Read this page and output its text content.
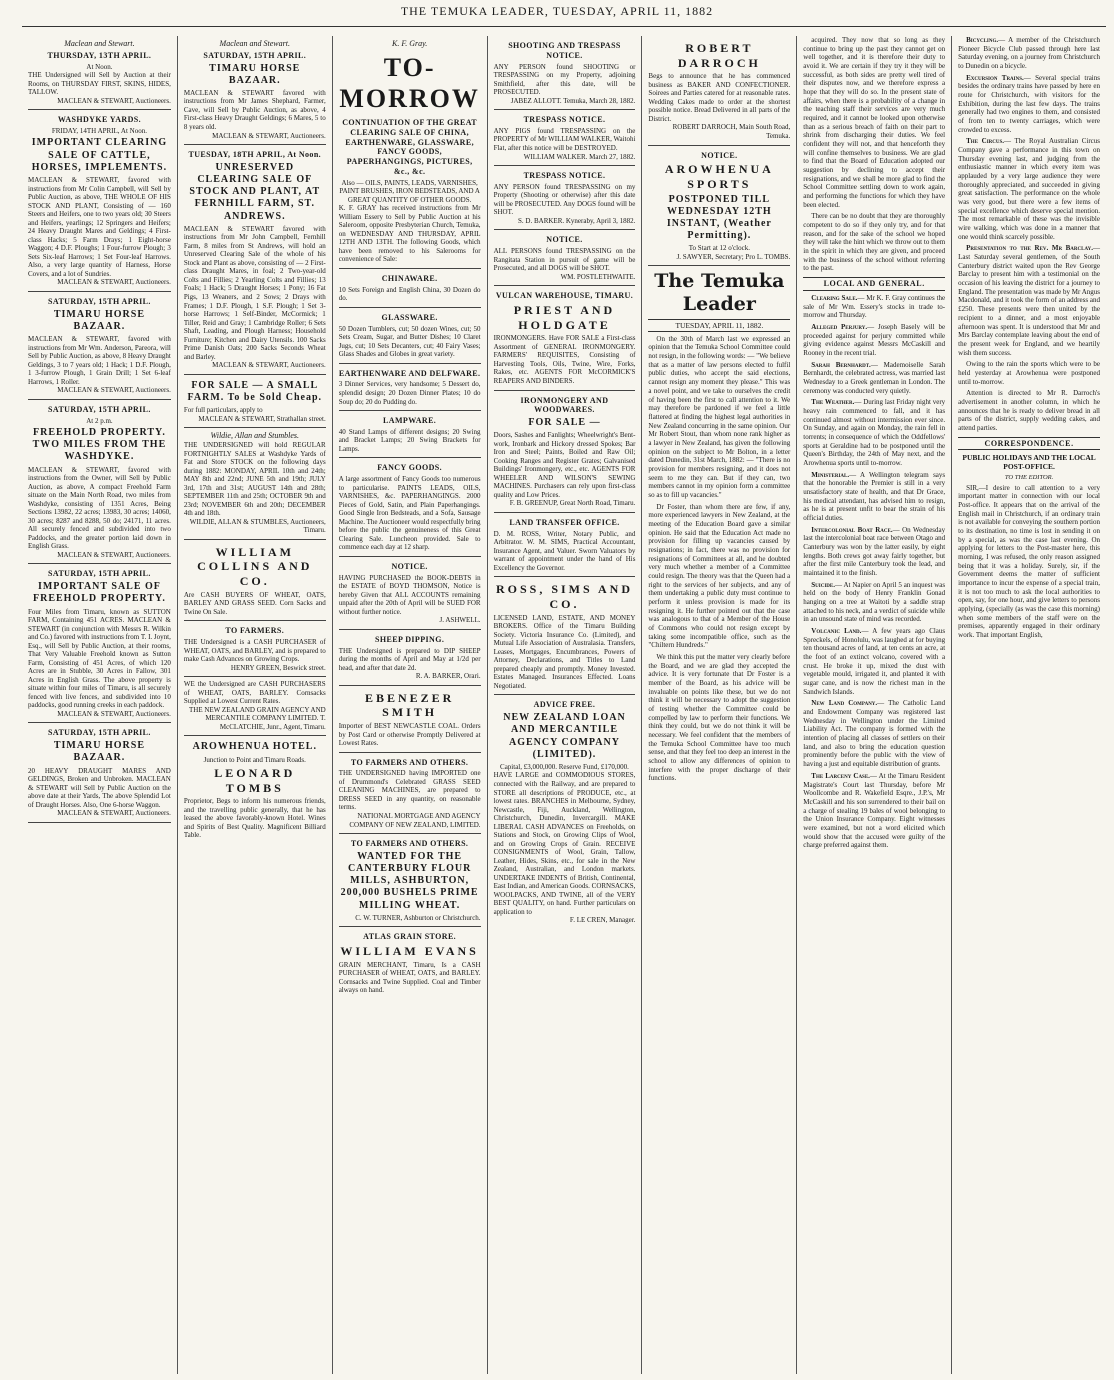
THE TEMUKA LEADER, TUESDAY, APRIL 11, 1882
Maclean and Stewart.
THURSDAY, 13TH APRIL.
At Noon.
THE Undersigned will Sell by Auction at their Rooms, on THURSDAY FIRST, SKINS, HIDES, TALLOW.
MACLEAN & STEWART, Auctioneers.
WASHDYKE YARDS.
FRIDAY, 14TH APRIL, At Noon.
IMPORTANT CLEARING SALE OF CATTLE, HORSES, IMPLEMENTS.
MACLEAN & STEWART, favored with instructions from Mr Colin Campbell, will Sell by Public Auction, as above, THE WHOLE OF HIS STOCK AND PLANT, Consisting of — 160 Steers and Heifers, one to two years old; 30 Steers and Heifers, yearlings; 12 Springers and Heifers; 24 Heavy Draught Mares and Geldings; 4 First-class Hacks; 5 Farm Drays; 1 Eight-horse Waggon; 4 D.F. Ploughs; 1 Four-furrow Plough; 3 Sets Six-leaf Harrows; 1 Set Four-leaf Harrows. Also, a very large quantity of Harness, Horse Covers, and a lot of Sundries.
MACLEAN & STEWART, Auctioneers.
SATURDAY, 15TH APRIL.
TIMARU HORSE BAZAAR.
MACLEAN & STEWART, favored with instructions from Mr Wm. Anderson, Pareora, will Sell by Public Auction, as above, 8 Heavy Draught Geldings, 3 to 7 years old; 1 Hack; 1 D.F. Plough, 1 3-furrow Plough, 1 Grain Drill; 1 Set 6-leaf Harrows, 1 Roller.
MACLEAN & STEWART, Auctioneers.
SATURDAY, 15TH APRIL.
At 2 p.m.
FREEHOLD PROPERTY. TWO MILES FROM THE WASHDYKE.
MACLEAN & STEWART, favored with instructions from the Owner, will Sell by Public Auction, as above, A compact Freehold Farm situate on the Main North Road, two miles from Washdyke, consisting of 1351 Acres, Being Sections 13982, 22 acres; 13983, 30 acres; 14060, 30 acres; 8287 and 8288, 50 do; 24171, 11 acres. All securely fenced and subdivided into two Paddocks, and the greater portion laid down in English Grass.
MACLEAN & STEWART, Auctioneers.
SATURDAY, 15TH APRIL.
IMPORTANT SALE OF FREEHOLD PROPERTY.
Four Miles from Timaru, known as SUTTON FARM, Containing 451 ACRES. MACLEAN & STEWART (in conjunction with Messrs R. Wilkin and Co.) favored with instructions from T. I. Joynt, Esq., will Sell by Public Auction, at their rooms, That Very Valuable Freehold known as Sutton Farm, Consisting of 451 Acres, of which 120 Acres are in Stubble, 30 Acres in Fallow, 301 Acres in English Grass. The above property is situate within four miles of Timaru, is all securely fenced with live fences, and subdivided into 10 paddocks, good running creeks in each paddock.
MACLEAN & STEWART, Auctioneers.
SATURDAY, 15TH APRIL.
TIMARU HORSE BAZAAR.
20 HEAVY DRAUGHT MARES AND GELDINGS, Broken and Unbroken. MACLEAN & STEWART will Sell by Public Auction on the above date at their Yards, The above Splendid Lot of Draught Horses. Also, One 6-horse Waggon.
MACLEAN & STEWART, Auctioneers.
Maclean and Stewart.
SATURDAY, 15TH APRIL.
TIMARU HORSE BAZAAR.
MACLEAN & STEWART favored with instructions from Mr James Shephard, Farmer, Cave, will Sell by Public Auction, as above, 4 First-class Heavy Draught Geldings; 6 Mares, 5 to 8 years old.
MACLEAN & STEWART, Auctioneers.
TUESDAY, 18TH APRIL, At Noon.
UNRESERVED CLEARING SALE OF STOCK AND PLANT, AT FERNHILL FARM, ST. ANDREWS.
MACLEAN & STEWART favored with instructions from Mr John Campbell, Fernhill Farm, 8 miles from St Andrews, will hold an Unreserved Clearing Sale of the whole of his Stock and Plant as above, consisting of — 2 First-class Draught Mares, in foal; 2 Two-year-old Colts and Fillies; 2 Yearling Colts and Fillies; 13 Foals; 1 Hack; 5 Draught Horses; 1 Pony; 16 Fat Pigs, 13 Weaners, and 2 Sows; 2 Drays with Frames; 1 D.F. Plough, 1 S.F. Plough; 1 Set 3-horse Harrows; 1 Self-Binder, McCormick; 1 Tiller, Reid and Gray; 1 Cambridge Roller; 6 Sets Shaft, Leading, and Plough Harness; Household Furniture; Kitchen and Dairy Utensils. 100 Sacks Prime Danish Oats; 200 Sacks Seconds Wheat and Barley.
MACLEAN & STEWART, Auctioneers.
FOR SALE — A SMALL FARM. To be Sold Cheap.
For full particulars, apply to
MACLEAN & STEWART, Strathallan street.
Wildie, Allan and Stumbles.
THE UNDERSIGNED will hold REGULAR FORTNIGHTLY SALES at Washdyke Yards of Fat and Store STOCK on the following days during 1882: MONDAY, APRIL 10th and 24th; MAY 8th and 22nd; JUNE 5th and 19th; JULY 3rd, 17th and 31st; AUGUST 14th and 28th; SEPTEMBER 11th and 25th; OCTOBER 9th and 23rd; NOVEMBER 6th and 20th; DECEMBER 4th and 18th.
WILDIE, ALLAN & STUMBLES, Auctioneers, Timaru.
WILLIAM COLLINS AND CO.
Are CASH BUYERS OF WHEAT, OATS, BARLEY AND GRASS SEED. Corn Sacks and Twine On Sale.
TO FARMERS.
THE Undersigned is a CASH PURCHASER of WHEAT, OATS, and BARLEY, and is prepared to make Cash Advances on Growing Crops.
HENRY GREEN, Beswick street.
WE the Undersigned are CASH PURCHASERS of WHEAT, OATS, BARLEY. Cornsacks Supplied at Lowest Current Rates.
THE NEW ZEALAND GRAIN AGENCY AND MERCANTILE COMPANY LIMITED. T. McCLATCHIE, Junr., Agent, Timaru.
AROWHENUA HOTEL.
Junction to Point and Timaru Roads.
LEONARD TOMBS
Proprietor, Begs to inform his numerous friends, and the travelling public generally, that he has leased the above favorably-known Hotel. Wines and Spirits of Best Quality. Magnificent Billiard Table.
K. F. Gray.
TO-MORROW
CONTINUATION OF THE GREAT CLEARING SALE OF CHINA, EARTHENWARE, GLASSWARE, FANCY GOODS, PAPERHANGINGS, PICTURES, &c., &c.
Also — OILS, PAINTS, LEADS, VARNISHES, PAINT BRUSHES, IRON BEDSTEADS, AND A GREAT QUANTITY OF OTHER GOODS.
K. F. GRAY has received instructions from Mr William Essery to Sell by Public Auction at his Saleroom, opposite Presbyterian Church, Temuka, on WEDNESDAY AND THURSDAY, APRIL 12TH AND 13TH. The following Goods, which have been removed to his Salerooms for convenience of Sale:
CHINAWARE.
10 Sets Foreign and English China, 30 Dozen do do.
GLASSWARE.
50 Dozen Tumblers, cut; 50 dozen Wines, cut; 50 Sets Cream, Sugar, and Butter Dishes; 10 Claret Jugs, cut; 10 Sets Decanters, cut; 40 Fairy Vases; Glass Shades and Globes in great variety.
EARTHENWARE AND DELFWARE.
3 Dinner Services, very handsome; 5 Dessert do, splendid design; 20 Dozen Dinner Plates; 10 do Soup do; 20 do Pudding do.
LAMPWARE.
40 Stand Lamps of different designs; 20 Swing and Bracket Lamps; 20 Swing Brackets for Lamps.
FANCY GOODS.
A large assortment of Fancy Goods too numerous to particularise. PAINTS LEADS, OILS, VARNISHES, &c. PAPERHANGINGS. 2000 Pieces of Gold, Satin, and Plain Paperhangings. Good Single Iron Bedsteads, and a Sofa, Sausage Machine. The Auctioneer would respectfully bring before the public the genuineness of this Great Clearing Sale. Luncheon provided. Sale to commence each day at 12 sharp.
NOTICE.
HAVING PURCHASED the BOOK-DEBTS in the ESTATE of BOYD THOMSON, Notice is hereby Given that ALL ACCOUNTS remaining unpaid after the 20th of April will be SUED FOR without further notice.
J. ASHWELL.
SHEEP DIPPING.
THE Undersigned is prepared to DIP SHEEP during the months of April and May at 1/2d per head, and after that date 2d.
R. A. BARKER, Orari.
EBENEZER SMITH
Importer of BEST NEWCASTLE COAL. Orders by Post Card or otherwise Promptly Delivered at Lowest Rates.
TO FARMERS AND OTHERS.
THE UNDERSIGNED having IMPORTED one of Drummond's Celebrated GRASS SEED CLEANING MACHINES, are prepared to DRESS SEED in any quantity, on reasonable terms.
NATIONAL MORTGAGE AND AGENCY COMPANY OF NEW ZEALAND, LIMITED.
TO FARMERS AND OTHERS.
WANTED FOR THE CANTERBURY FLOUR MILLS, ASHBURTON, 200,000 BUSHELS PRIME MILLING WHEAT.
C. W. TURNER, Ashburton or Christchurch.
ATLAS GRAIN STORE.
WILLIAM EVANS
GRAIN MERCHANT, Timaru, Is a CASH PURCHASER of WHEAT, OATS, and BARLEY. Cornsacks and Twine Supplied. Coal and Timber always on hand.
SHOOTING AND TRESPASS NOTICE.
ANY PERSON found SHOOTING or TRESPASSING on my Property, adjoining Smithfield, after this date, will be PROSECUTED.
JABEZ ALLOTT. Temuka, March 28, 1882.
TRESPASS NOTICE.
ANY PIGS found TRESPASSING on the PROPERTY of Mr WILLIAM WALKER, Waitohi Flat, after this notice will be DESTROYED.
WILLIAM WALKER. March 27, 1882.
TRESPASS NOTICE.
ANY PERSON found TRESPASSING on my Property (Shooting or otherwise) after this date will be PROSECUTED. Any DOGS found will be SHOT.
S. D. BARKER. Kyneraby, April 3, 1882.
NOTICE.
ALL PERSONS found TRESPASSING on the Rangitata Station in pursuit of game will be Prosecuted, and all DOGS will be SHOT.
WM. POSTLETHWAITE.
VULCAN WAREHOUSE, TIMARU.
PRIEST AND HOLDGATE
IRONMONGERS. Have FOR SALE a First-class Assortment of GENERAL IRONMONGERY. FARMERS' REQUISITES, Consisting of Harvesting Tools, Oils, Twine, Wire, Forks, Rakes, etc. AGENTS FOR McCORMICK'S REAPERS AND BINDERS.
IRONMONGERY AND WOODWARES.
FOR SALE —
Doors, Sashes and Fanlights; Wheelwright's Bent-work, Ironbark and Hickory dressed Spokes; Bar Iron and Steel; Paints, Boiled and Raw Oil; Cooking Ranges and Register Grates; Galvanised Buildings' Ironmongery, etc., etc. AGENTS FOR WHEELER AND WILSON'S SEWING MACHINES. Purchasers can rely upon first-class quality and Low Prices.
F. B. GREENUP, Great North Road, Timaru.
LAND TRANSFER OFFICE.
D. M. ROSS, Writer, Notary Public, and Arbitrator. W. M. SIMS, Practical Accountant, Insurance Agent, and Valuer. Sworn Valuators by warrant of appointment under the hand of His Excellency the Governor.
ROSS, SIMS AND CO.
LICENSED LAND, ESTATE, AND MONEY BROKERS. Office of the Timaru Building Society. Victoria Insurance Co. (Limited), and Mutual Life Association of Australasia. Transfers, Leases, Mortgages, Encumbrances, Powers of Attorney, Declarations, and Titles to Land prepared cheaply and promptly. Money Invested. Estates Managed. Insurances Effected. Loans Negotiated.
ADVICE FREE.
NEW ZEALAND LOAN AND MERCANTILE AGENCY COMPANY (LIMITED).
Capital, £3,000,000. Reserve Fund, £170,000.
HAVE LARGE and COMMODIOUS STORES, connected with the Railway, and are prepared to STORE all descriptions of PRODUCE, etc., at lowest rates. BRANCHES in Melbourne, Sydney, Newcastle, Fiji, Auckland, Wellington, Christchurch, Dunedin, Invercargill. MAKE LIBERAL CASH ADVANCES on Freeholds, on Stations and Stock, on Growing Clips of Wool, and on Growing Crops of Grain. RECEIVE CONSIGNMENTS of Wool, Grain, Tallow, Leather, Hides, Skins, etc., for sale in the New Zealand, Australian, and London markets. UNDERTAKE INDENTS of British, Continental, East Indian, and American Goods. CORNSACKS, WOOLPACKS, AND TWINE, all of the VERY BEST QUALITY, on hand. Further particulars on application to
F. LE CREN, Manager.
ROBERT DARROCH
Begs to announce that he has commenced business as BAKER AND CONFECTIONER. Soirees and Parties catered for at reasonable rates. Wedding Cakes made to order at the shortest possible notice. Bread Delivered in all parts of the District.
ROBERT DARROCH, Main South Road, Temuka.
NOTICE.
AROWHENUA SPORTS
POSTPONED TILL WEDNESDAY 12TH INSTANT, (Weather Permitting).
To Start at 12 o'clock.
J. SAWYER, Secretary; Pro L. TOMBS.
The Temuka Leader
TUESDAY, APRIL 11, 1882.

On the 30th of March last we expressed an opinion that the Temuka School Committee could not resign, in the following words: — "We believe that as a matter of law persons elected to fulfil public duties, who accept the said elections, cannot resign any moment they please." This was a novel point, and we take to ourselves the credit of having been the first to call attention to it. We may therefore be pardoned if we feel a little flattered at finding the highest legal authorities in New Zealand concurring in the same opinion. Our Mr Robert Stout, than whom none rank higher as a lawyer in New Zealand, has given the following opinion on the subject to Mr Bolton, in a letter dated Dunedin, 31st March, 1882: — "There is no provision for members resigning, and it does not seem to me they can. But if they can, two members cannot in my opinion form a committee so as to fill up vacancies."

Dr Foster, than whom there are few, if any, more experienced lawyers in New Zealand, at the meeting of the Education Board gave a similar opinion. He said that the Education Act made no provision for filling up vacancies caused by resignations; in fact, there was no provision for resignations of Committees at all, and he doubted very much whether a member of a Committee could resign. The theory was that the Queen had a right to the services of her subjects, and any of them undertaking a public duty must continue to perform it unless provision is made for its resigning it. He further pointed out that the case was analogous to that of a Member of the House of Commons who could not resign except by taking some incompatible office, such as the "Chiltern Hundreds."

We think this put the matter very clearly before the Board, and we are glad they accepted the advice. It is very fortunate that Dr Foster is a member of the Board, as his advice will be invaluable on points like these, but we do not think it will be necessary to adopt the suggestion of testing whether the Committee could be compelled by law to perform their functions. We think they could, but we do not think it will be necessary. We feel confident that the members of the Temuka School Committee have too much sense, and that they feel too deep an interest in the school to allow any differences of opinion to interfere with the proper discharge of their functions.

acquired. They now that so long as they continue to bring up the past they cannot get on well together, and it is therefore their duty to avoid it. We are certain if they try it they will be successful, as both sides are pretty well tired of their disputes now, and we therefore express a hope that they will do so. In the present state of affairs, when there is a probability of a change in the teaching staff their services are very much required, and it cannot be looked upon otherwise than as a serious breach of faith on their part to shrink from discharging their duties. We feel confident they will not, and that henceforth they will confine themselves to business. We are glad to find that the Board of Education adopted our suggestion by declining to accept their resignations, and we shall be more glad to find the School Committee settling down to work again, and performing the functions for which they have been elected.

There can be no doubt that they are thoroughly competent to do so if they only try, and for that reason, and for the sake of the school we hoped they will take the hint which we throw out to them in the spirit in which they are given, and proceed with the business of the school without referring to the past.

LOCAL AND GENERAL.

Clearing Sale.— Mr K. F. Gray continues the sale of Mr Wm. Essery's stocks in trade to-morrow and Thursday.

Alleged Perjury.— Joseph Basely will be proceeded against for perjury committed while giving evidence against Messrs McCaskill and Rooney in the recent trial.

Sarah Bernhardt.— Mademoiselle Sarah Bernhardt, the celebrated actress, was married last Wednesday to a Greek gentleman in London. The ceremony was conducted very quietly.

The Weather.— During last Friday night very heavy rain commenced to fall, and it has continued almost without intermission ever since. On Sunday, and again on Monday, the rain fell in torrents; in consequence of which the Oddfellows' sports at Geraldine had to be postponed until the Queen's Birthday, the 24th of May next, and the Arowhenua sports until to-morrow.

Ministerial.— A Wellington telegram says that the honorable the Premier is still in a very unsatisfactory state of health, and that Dr Grace, his medical attendant, has advised him to resign, as he is at present unfit to bear the strain of his official duties.

Intercolonial Boat Race.— On Wednesday last the intercolonial boat race between Otago and Canterbury was won by the latter easily, by eight lengths. Both crews got away fairly together, but after the first mile Canterbury took the lead, and maintained it to the finish.

Suicide.— At Napier on April 5 an inquest was held on the body of Henry Franklin Gonad hanging on a tree at Waitoti by a saddle strap attached to his neck, and a verdict of suicide while in an unsound state of mind was recorded.

Volcanic Land.— A few years ago Claus Spreckels, of Honolulu, was laughed at for buying ten thousand acres of land, at ten cents an acre, at the foot of an extinct volcano, covered with a crust. He broke it up, mixed the dust with vegetable mould, irrigated it, and planted it with sugar cane, and is now the richest man in the Sandwich Islands.

New Land Company.— The Catholic Land and Endowment Company was registered last Wednesday in Wellington under the Limited Liability Act. The company is formed with the intention of placing all classes of settlers on their land, and also to bring the education question prominently before the public with the view of having a just and equitable distribution of grants.

The Larceny Case.— At the Timaru Resident Magistrate's Court last Thursday, before Mr Woollcombe and R. Wakefield Esqre., J.P.'s, Mr McCaskill and his son surrendered to their bail on a charge of stealing 19 bales of wool belonging to the Union Insurance Company. Eight witnesses were examined, but not a word elicited which would show that the accused were guilty of the charge preferred against them.

Bicycling.— A member of the Christchurch Pioneer Bicycle Club passed through here last Saturday evening, on a journey from Christchurch to Dunedin on a bicycle.

Excursion Trains.— Several special trains besides the ordinary trains have passed by here en route for Christchurch, with visitors for the Exhibition, during the last few days. The trains generally had two engines to them, and consisted of from ten to twenty carriages, which were crowded to excess.

The Circus.— The Royal Australian Circus Company gave a performance in this town on Thursday evening last, and judging from the enthusiastic manner in which every item was applauded by a very large audience they were thoroughly appreciated, and succeeded in giving great satisfaction. The performance on the whole was very good, but there were a few items of special excellence which deserve special mention. The most remarkable of these was the invisible wire walking, which was done in a manner that one would think scarcely possible.

Presentation to the Rev. Mr Barclay.— Last Saturday several gentlemen, of the South Canterbury district waited upon the Rev George Barclay to present him with a testimonial on the occasion of his leaving the district for a journey to England. The presentation was made by Mr Angus Macdonald, and it took the form of an address and £250. These presents were then united by the recipient to a dinner, and a most enjoyable afternoon was spent. It is understood that Mr and Mrs Barclay contemplate leaving about the end of the present week for England, and we heartily wish them success.

Owing to the rain the sports which were to be held yesterday at Arowhenua were postponed until to-morrow.

Attention is directed to Mr R. Darroch's advertisement in another column, in which he announces that he is ready to deliver bread in all parts of the district, supply wedding cakes, and attend parties.

CORRESPONDENCE.
PUBLIC HOLIDAYS AND THE LOCAL POST-OFFICE.
TO THE EDITOR.

SIR,—I desire to call attention to a very important matter in connection with our local Post-office. It appears that on the arrival of the English mail in Christchurch, if an ordinary train is not available for conveying the southern portion to its destination, no time is lost in sending it on by a special, as was the case last evening. On applying for letters to the Post-master here, this morning, I was refused, the only reason assigned being that it was a holiday. Surely, sir, if the Government deems the matter of sufficient importance to incur the expense of a special train, it is not too much to ask the local authorities to open, say, for one hour, and give letters to persons applying, (specially (as was the case this morning) when some members of the staff were on the premises, apparently engaged in their ordinary work. That important English,
